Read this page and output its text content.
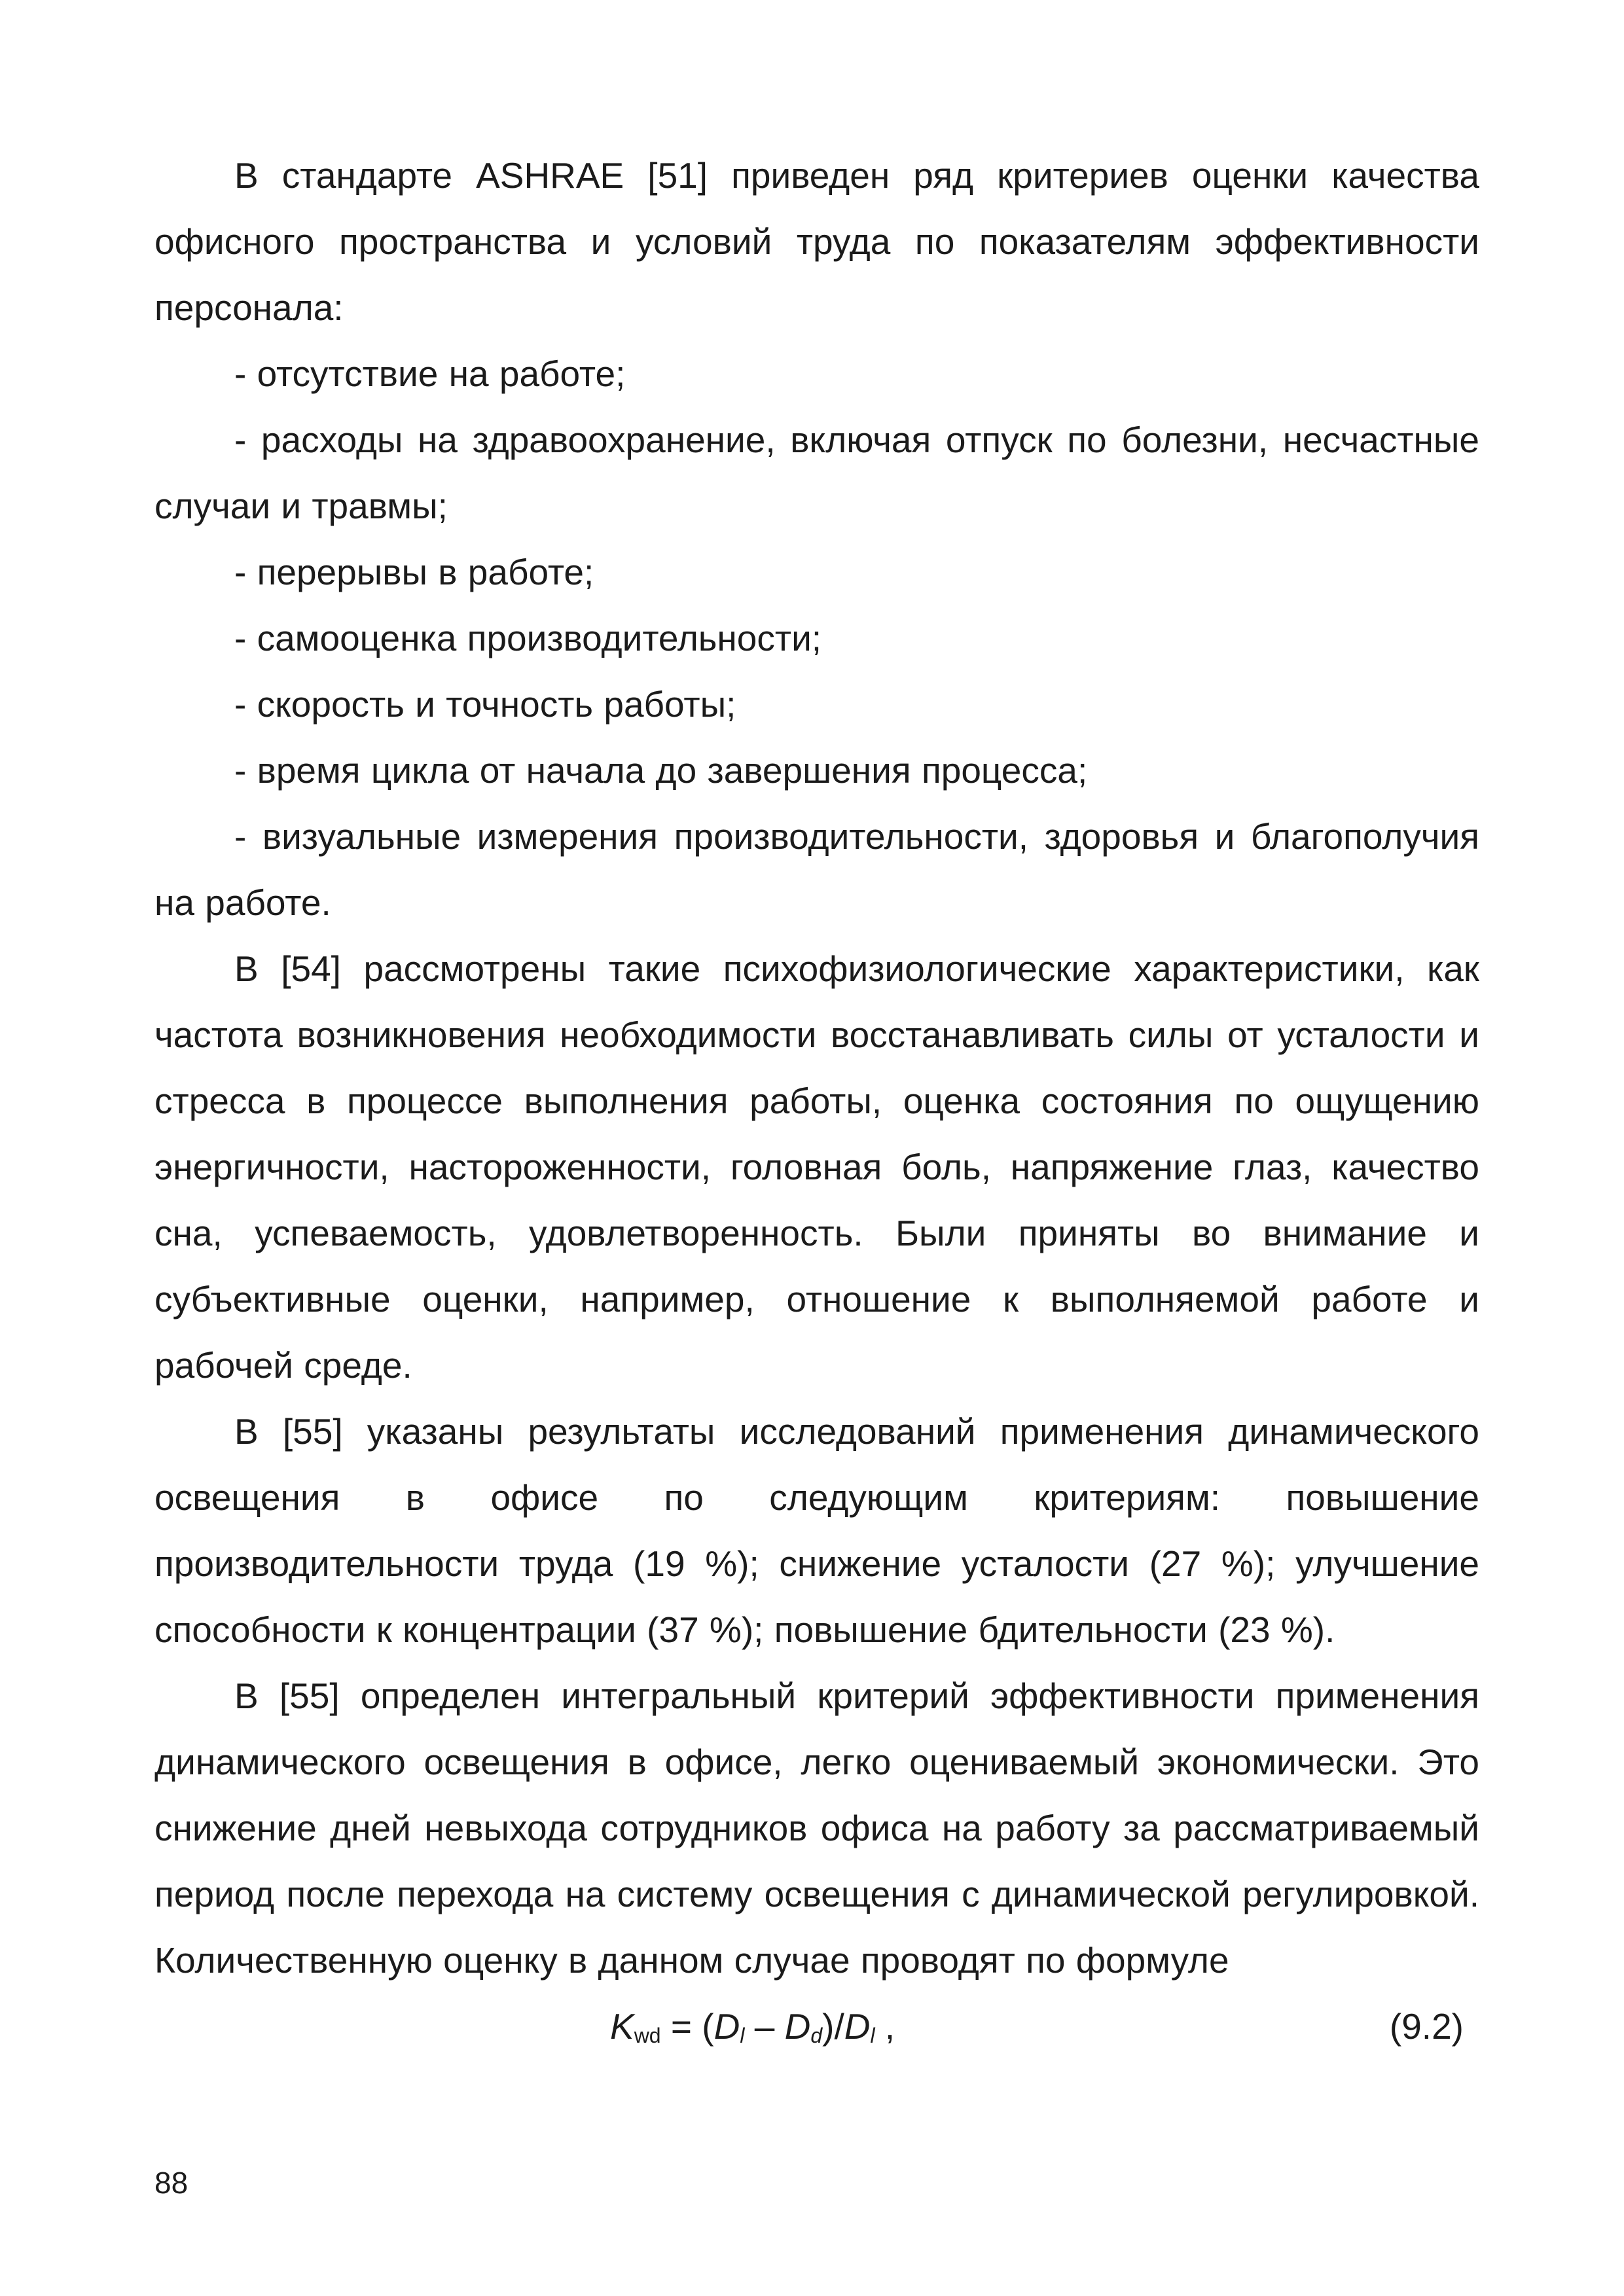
В стандарте ASHRAE [51] приведен ряд критериев оценки качества офисного пространства и условий труда по показателям эффективности персонала:

- отсутствие на работе;

- расходы на здравоохранение, включая отпуск по болезни, несчастные случаи и травмы;

- перерывы в работе;

- самооценка производительности;

- скорость и точность работы;

- время цикла от начала до завершения процесса;

- визуальные измерения производительности, здоровья и благополучия на работе.

В [54] рассмотрены такие психофизиологические характеристики, как частота возникновения необходимости восстанавливать силы от усталости и стресса в процессе выполнения работы, оценка состояния по ощущению энергичности, настороженности, головная боль, напряжение глаз, качество сна, успеваемость, удовлетворенность. Были приняты во внимание и субъективные оценки, например, отношение к выполняемой работе и рабочей среде.

В [55] указаны результаты исследований применения динамического освещения в офисе по следующим критериям: повышение производительности труда (19 %); снижение усталости (27 %); улучшение способности к концентрации (37 %); повышение бдительности (23 %).

В [55] определен интегральный критерий эффективности применения динамического освещения в офисе, легко оцениваемый экономически. Это снижение дней невыхода сотрудников офиса на работу за рассматриваемый период после перехода на систему освещения с динамической регулировкой. Количественную оценку в данном случае проводят по формуле

$K_{wd} = (D_l - D_d)/D_l$ ,	(9.2)
88
